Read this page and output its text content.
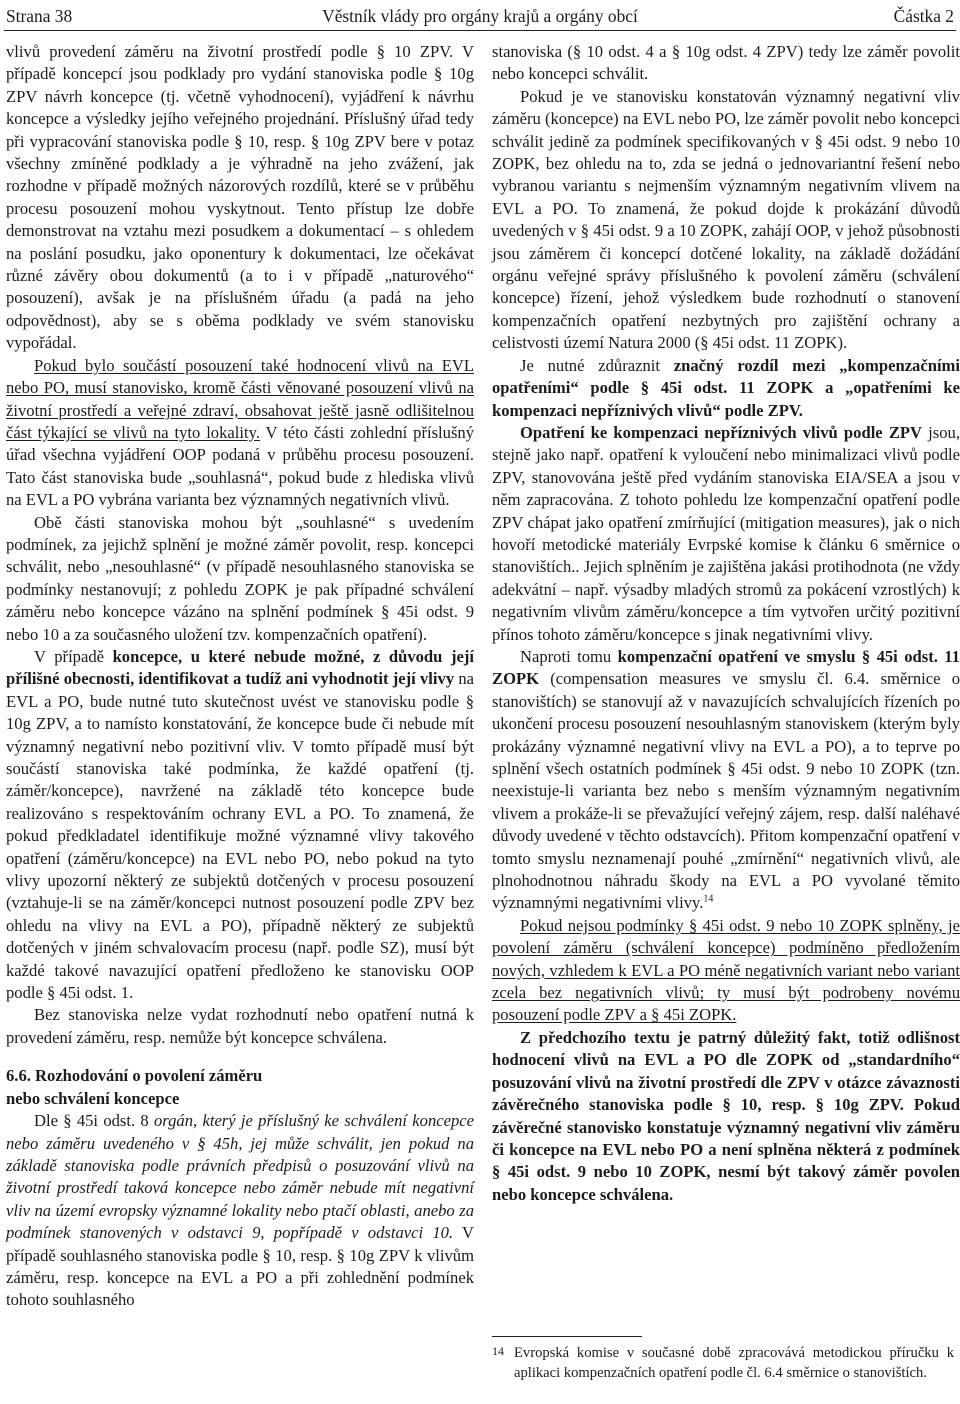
Strana 38	Věstník vlády pro orgány krajů a orgány obcí	Částka 2

vlivů provedení záměru na životní prostředí podle § 10 ZPV. V případě koncepcí jsou podklady pro vydání stanoviska podle § 10g ZPV návrh koncepce (tj. včetně vyhodnocení), vyjádření k návrhu koncepce a výsledky jejího veřejného projednání. Příslušný úřad tedy při vypracování stanoviska podle § 10, resp. § 10g ZPV bere v potaz všechny zmíněné podklady a je výhradně na jeho zvážení, jak rozhodne v případě možných názorových rozdílů, které se v průběhu procesu posouzení mohou vyskytnout. Tento přístup lze dobře demonstrovat na vztahu mezi posudkem a dokumentací – s ohledem na poslání posudku, jako oponentury k dokumentaci, lze očekávat různé závěry obou dokumentů (a to i v případě „naturového“ posouzení), avšak je na příslušném úřadu (a padá na jeho odpovědnost), aby se s oběma podklady ve svém stanovisku vypořádal.

Pokud bylo součástí posouzení také hodnocení vlivů na EVL nebo PO, musí stanovisko, kromě části věnované posouzení vlivů na životní prostředí a veřejné zdraví, obsahovat ještě jasně odlišitelnou část týkající se vlivů na tyto lokality. V této části zohlední příslušný úřad všechna vyjádření OOP podaná v průběhu procesu posouzení. Tato část stanoviska bude „souhlasná“, pokud bude z hlediska vlivů na EVL a PO vybrána varianta bez významných negativních vlivů.

Obě části stanoviska mohou být „souhlasné“ s uvedením podmínek, za jejichž splnění je možné záměr povolit, resp. koncepci schválit, nebo „nesouhlasné“ (v případě nesouhlasného stanoviska se podmínky nestanovují; z pohledu ZOPK je pak případné schválení záměru nebo koncepce vázáno na splnění podmínek § 45i odst. 9 nebo 10 a za současného uložení tzv. kompenzačních opatření).

V případě koncepce, u které nebude možné, z důvodu její přílišné obecnosti, identifikovat a tudíž ani vyhodnotit její vlivy na EVL a PO, bude nutné tuto skutečnost uvést ve stanovisku podle § 10g ZPV, a to namísto konstatování, že koncepce bude či nebude mít významný negativní nebo pozitivní vliv. V tomto případě musí být součástí stanoviska také podmínka, že každé opatření (tj. záměr/koncepce), navržené na základě této koncepce bude realizováno s respektováním ochrany EVL a PO. To znamená, že pokud předkladatel identifikuje možné významné vlivy takového opatření (záměru/koncepce) na EVL nebo PO, nebo pokud na tyto vlivy upozorní některý ze subjektů dotčených v procesu posouzení (vztahuje-li se na záměr/koncepci nutnost posouzení podle ZPV bez ohledu na vlivy na EVL a PO), případně některý ze subjektů dotčených v jiném schvalovacím procesu (např. podle SZ), musí být každé takové navazující opatření předloženo ke stanovisku OOP podle § 45i odst. 1.

Bez stanoviska nelze vydat rozhodnutí nebo opatření nutná k provedení záměru, resp. nemůže být koncepce schválena.

6.6. Rozhodování o povolení záměru
nebo schválení koncepce

Dle § 45i odst. 8 orgán, který je příslušný ke schválení koncepce nebo záměru uvedeného v § 45h, jej může schválit, jen pokud na základě stanoviska podle právních předpisů o posuzování vlivů na životní prostředí taková koncepce nebo záměr nebude mít negativní vliv na území evropsky významné lokality nebo ptačí oblasti, anebo za podmínek stanovených v odstavci 9, popřípadě v odstavci 10. V případě souhlasného stanoviska podle § 10, resp. § 10g ZPV k vlivům záměru, resp. koncepce na EVL a PO a při zohlednění podmínek tohoto souhlasného

stanoviska (§ 10 odst. 4 a § 10g odst. 4 ZPV) tedy lze záměr povolit nebo koncepci schválit.

Pokud je ve stanovisku konstatován významný negativní vliv záměru (koncepce) na EVL nebo PO, lze záměr povolit nebo koncepci schválit jedině za podmínek specifikovaných v § 45i odst. 9 nebo 10 ZOPK, bez ohledu na to, zda se jedná o jednovariantní řešení nebo vybranou variantu s nejmenším významným negativním vlivem na EVL a PO. To znamená, že pokud dojde k prokázání důvodů uvedených v § 45i odst. 9 a 10 ZOPK, zahájí OOP, v jehož působnosti jsou záměrem či koncepcí dotčené lokality, na základě dožádání orgánu veřejné správy příslušného k povolení záměru (schválení koncepce) řízení, jehož výsledkem bude rozhodnutí o stanovení kompenzačních opatření nezbytných pro zajištění ochrany a celistvosti území Natura 2000 (§ 45i odst. 11 ZOPK).

Je nutné zdůraznit značný rozdíl mezi „kompenzačními opatřeními“ podle § 45i odst. 11 ZOPK a „opatřeními ke kompenzaci nepříznivých vlivů“ podle ZPV.

Opatření ke kompenzaci nepříznivých vlivů podle ZPV jsou, stejně jako např. opatření k vyloučení nebo minimalizaci vlivů podle ZPV, stanovována ještě před vydáním stanoviska EIA/SEA a jsou v něm zapracována. Z tohoto pohledu lze kompenzační opatření podle ZPV chápat jako opatření zmírňující (mitigation measures), jak o nich hovoří metodické materiály Evrpské komise k článku 6 směrnice o stanovištích.. Jejich splněním je zajištěna jakási protihodnota (ne vždy adekvátní – např. výsadby mladých stromů za pokácení vzrostlých) k negativním vlivům záměru/koncepce a tím vytvořen určitý pozitivní přínos tohoto záměru/koncepce s jinak negativními vlivy.

Naproti tomu kompenzační opatření ve smyslu § 45i odst. 11 ZOPK (compensation measures ve smyslu čl. 6.4. směrnice o stanovištích) se stanovují až v navazujících schvalujících řízeních po ukončení procesu posouzení nesouhlasným stanoviskem (kterým byly prokázány významné negativní vlivy na EVL a PO), a to teprve po splnění všech ostatních podmínek § 45i odst. 9 nebo 10 ZOPK (tzn. neexistuje-li varianta bez nebo s menším významným negativním vlivem a prokáže-li se převažující veřejný zájem, resp. další naléhavé důvody uvedené v těchto odstavcích). Přitom kompenzační opatření v tomto smyslu neznamenají pouhé „zmírnění“ negativních vlivů, ale plnohodnotnou náhradu škody na EVL a PO vyvolané těmito významnými negativními vlivy.$^{14}$

Pokud nejsou podmínky § 45i odst. 9 nebo 10 ZOPK splněny, je povolení záměru (schválení koncepce) podmíněno předložením nových, vzhledem k EVL a PO méně negativních variant nebo variant zcela bez negativních vlivů; ty musí být podrobeny novému posouzení podle ZPV a § 45i ZOPK.

Z předchozího textu je patrný důležitý fakt, totiž odlišnost hodnocení vlivů na EVL a PO dle ZOPK od „standardního“ posuzování vlivů na životní prostředí dle ZPV v otázce závaznosti závěrečného stanoviska podle § 10, resp. § 10g ZPV. Pokud závěrečné stanovisko konstatuje významný negativní vliv záměru či koncepce na EVL nebo PO a není splněna některá z podmínek § 45i odst. 9 nebo 10 ZOPK, nesmí být takový záměr povolen nebo koncepce schválena.

14 Evropská komise v současné době zpracovává metodickou příručku k aplikaci kompenzačních opatření podle čl. 6.4 směrnice o stanovištích.
